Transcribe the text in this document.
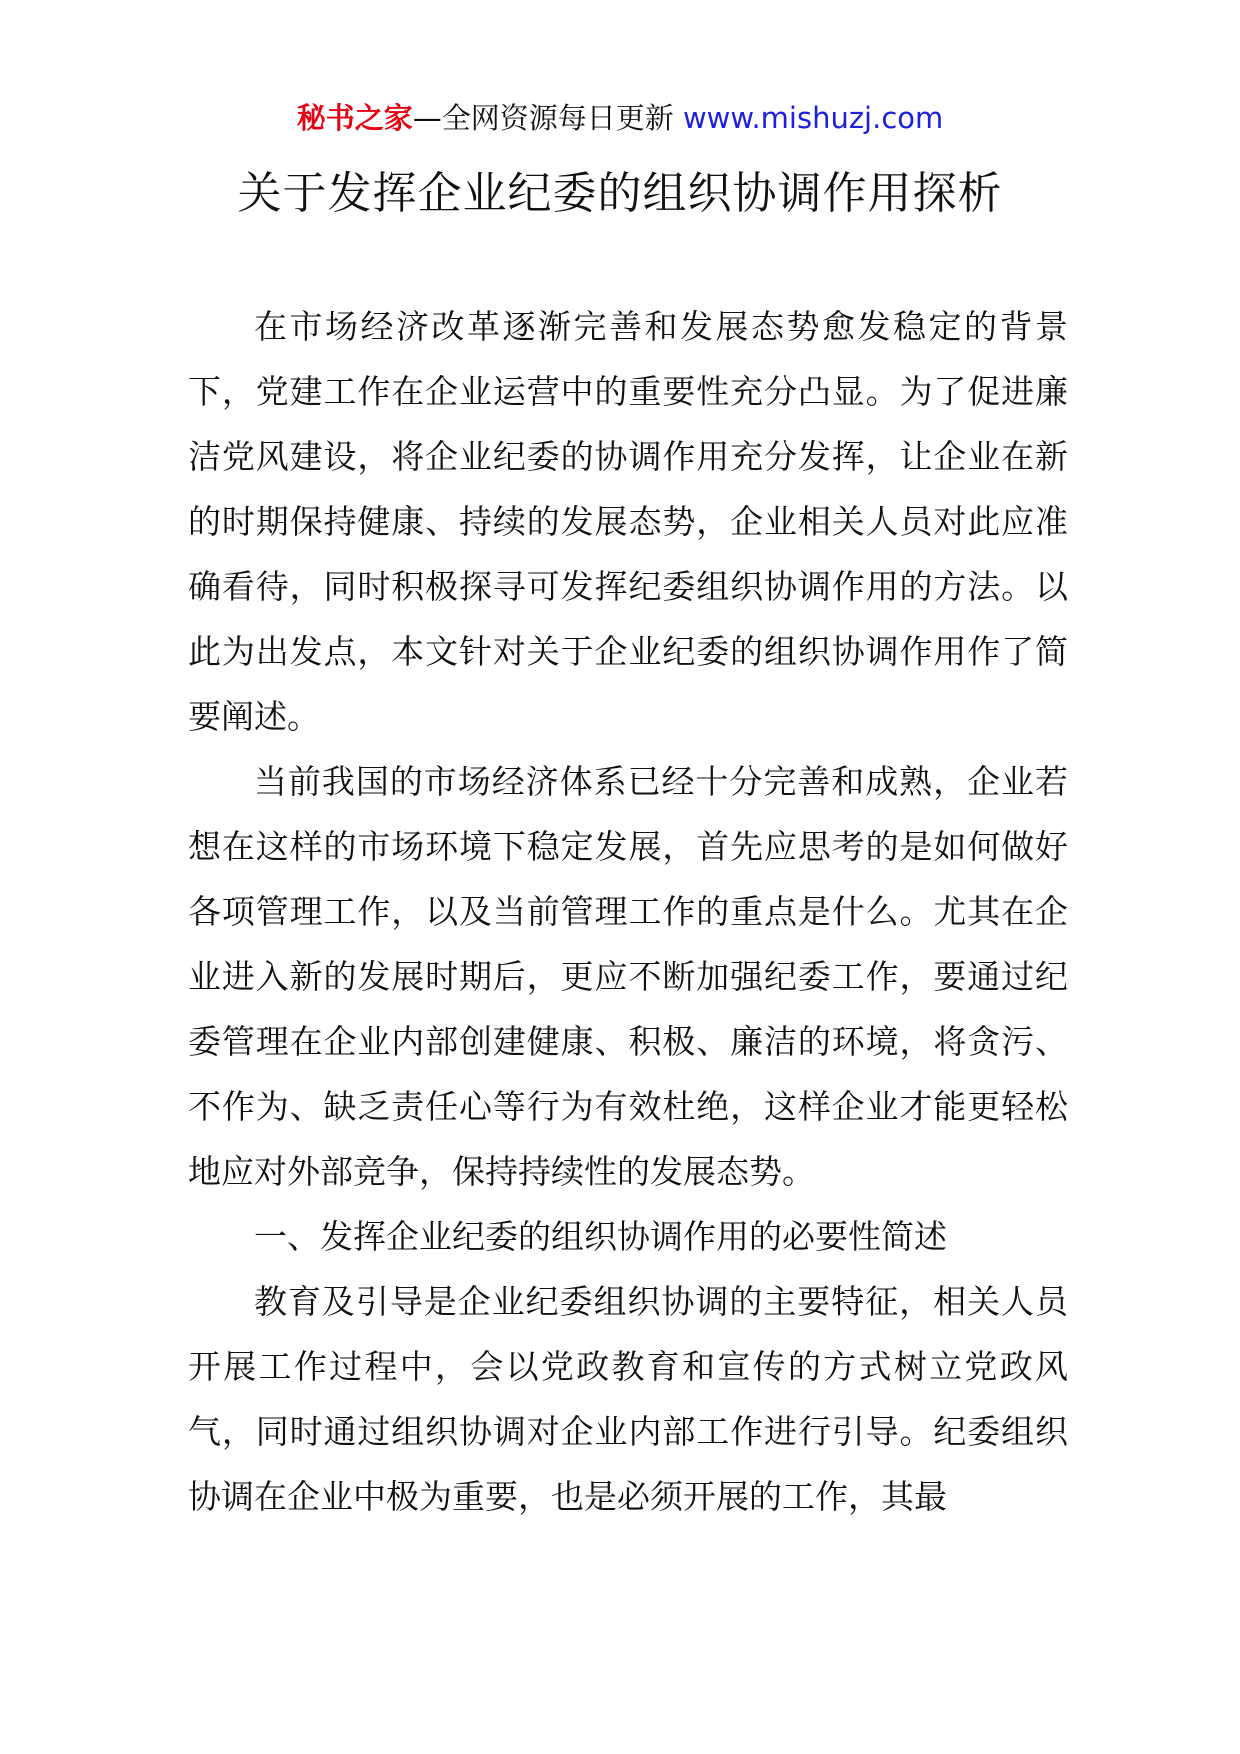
秘书之家—全网资源每日更新 www.mishuzj.com
关于发挥企业纪委的组织协调作用探析

在市场经济改革逐渐完善和发展态势愈发稳定的背景下，党建工作在企业运营中的重要性充分凸显。为了促进廉洁党风建设，将企业纪委的协调作用充分发挥，让企业在新的时期保持健康、持续的发展态势，企业相关人员对此应准确看待，同时积极探寻可发挥纪委组织协调作用的方法。以此为出发点，本文针对关于企业纪委的组织协调作用作了简要阐述。

当前我国的市场经济体系已经十分完善和成熟，企业若想在这样的市场环境下稳定发展，首先应思考的是如何做好各项管理工作，以及当前管理工作的重点是什么。尤其在企业进入新的发展时期后，更应不断加强纪委工作，要通过纪委管理在企业内部创建健康、积极、廉洁的环境，将贪污、不作为、缺乏责任心等行为有效杜绝，这样企业才能更轻松地应对外部竞争，保持持续性的发展态势。

一、发挥企业纪委的组织协调作用的必要性简述

教育及引导是企业纪委组织协调的主要特征，相关人员开展工作过程中，会以党政教育和宣传的方式树立党政风气，同时通过组织协调对企业内部工作进行引导。纪委组织协调在企业中极为重要，也是必须开展的工作，其最
